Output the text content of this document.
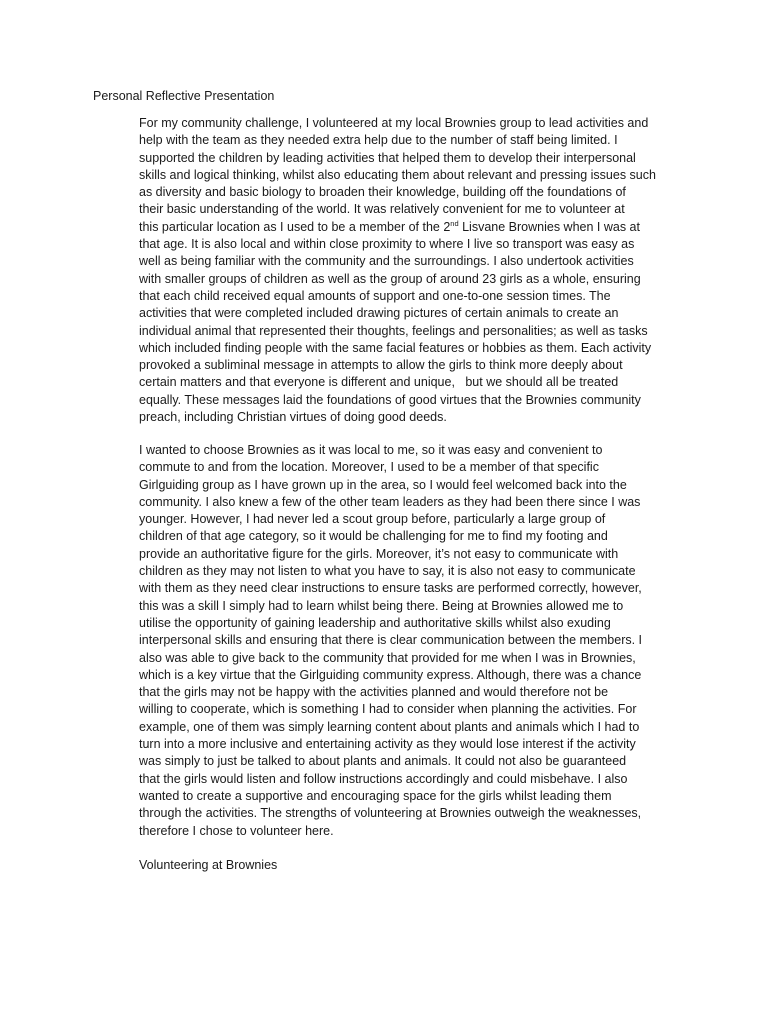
Personal Reflective Presentation
For my community challenge, I volunteered at my local Brownies group to lead activities and
help with the team as they needed extra help due to the number of staff being limited. I
supported the children by leading activities that helped them to develop their interpersonal
skills and logical thinking, whilst also educating them about relevant and pressing issues such
as diversity and basic biology to broaden their knowledge, building off the foundations of
their basic understanding of the world. It was relatively convenient for me to volunteer at
this particular location as I used to be a member of the 2nd Lisvane Brownies when I was at
that age. It is also local and within close proximity to where I live so transport was easy as
well as being familiar with the community and the surroundings. I also undertook activities
with smaller groups of children as well as the group of around 23 girls as a whole, ensuring
that each child received equal amounts of support and one-to-one session times. The
activities that were completed included drawing pictures of certain animals to create an
individual animal that represented their thoughts, feelings and personalities; as well as tasks
which included finding people with the same facial features or hobbies as them. Each activity
provoked a subliminal message in attempts to allow the girls to think more deeply about
certain matters and that everyone is different and unique,   but we should all be treated
equally. These messages laid the foundations of good virtues that the Brownies community
preach, including Christian virtues of doing good deeds.
I wanted to choose Brownies as it was local to me, so it was easy and convenient to
commute to and from the location. Moreover, I used to be a member of that specific
Girlguiding group as I have grown up in the area, so I would feel welcomed back into the
community. I also knew a few of the other team leaders as they had been there since I was
younger. However, I had never led a scout group before, particularly a large group of
children of that age category, so it would be challenging for me to find my footing and
provide an authoritative figure for the girls. Moreover, it’s not easy to communicate with
children as they may not listen to what you have to say, it is also not easy to communicate
with them as they need clear instructions to ensure tasks are performed correctly, however,
this was a skill I simply had to learn whilst being there. Being at Brownies allowed me to
utilise the opportunity of gaining leadership and authoritative skills whilst also exuding
interpersonal skills and ensuring that there is clear communication between the members. I
also was able to give back to the community that provided for me when I was in Brownies,
which is a key virtue that the Girlguiding community express. Although, there was a chance
that the girls may not be happy with the activities planned and would therefore not be
willing to cooperate, which is something I had to consider when planning the activities. For
example, one of them was simply learning content about plants and animals which I had to
turn into a more inclusive and entertaining activity as they would lose interest if the activity
was simply to just be talked to about plants and animals. It could not also be guaranteed
that the girls would listen and follow instructions accordingly and could misbehave. I also
wanted to create a supportive and encouraging space for the girls whilst leading them
through the activities. The strengths of volunteering at Brownies outweigh the weaknesses,
therefore I chose to volunteer here.
Volunteering at Brownies
